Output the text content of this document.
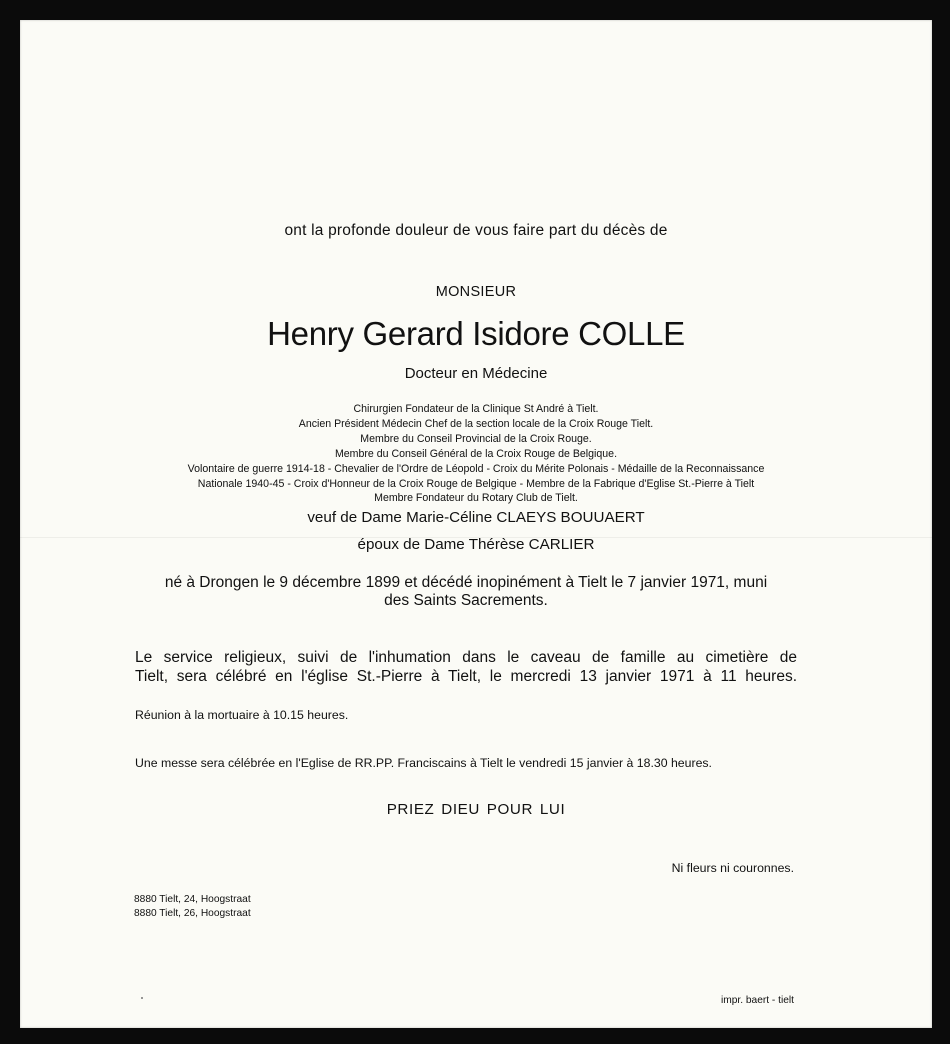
ont la profonde douleur de vous faire part du décès de
MONSIEUR
Henry Gerard Isidore COLLE
Docteur en Médecine
Chirurgien Fondateur de la Clinique St André à Tielt.
Ancien Président Médecin Chef de la section locale de la Croix Rouge Tielt.
Membre du Conseil Provincial de la Croix Rouge.
Membre du Conseil Général de la Croix Rouge de Belgique.
Volontaire de guerre 1914-18 - Chevalier de l'Ordre de Léopold - Croix du Mérite Polonais - Médaille de la Reconnaissance
Nationale 1940-45 - Croix d'Honneur de la Croix Rouge de Belgique - Membre de la Fabrique d'Eglise St.-Pierre à Tielt
Membre Fondateur du Rotary Club de Tielt.
veuf de Dame Marie-Céline CLAEYS BOUUAERT
époux de Dame Thérèse CARLIER
né à Drongen le 9 décembre 1899 et décédé inopinément à Tielt le 7 janvier 1971, muni
des Saints Sacrements.
Le service religieux, suivi de l'inhumation dans le caveau de famille au cimetière de
Tielt, sera célébré en l'église St.-Pierre à Tielt, le mercredi 13 janvier 1971 à 11 heures.
Réunion à la mortuaire à 10.15 heures.
Une messe sera célébrée en l'Eglise de RR.PP. Franciscains à Tielt le vendredi 15 janvier à 18.30 heures.
PRIEZ DIEU POUR LUI
Ni fleurs ni couronnes.
8880 Tielt, 24, Hoogstraat
8880 Tielt, 26, Hoogstraat
impr. baert - tielt
